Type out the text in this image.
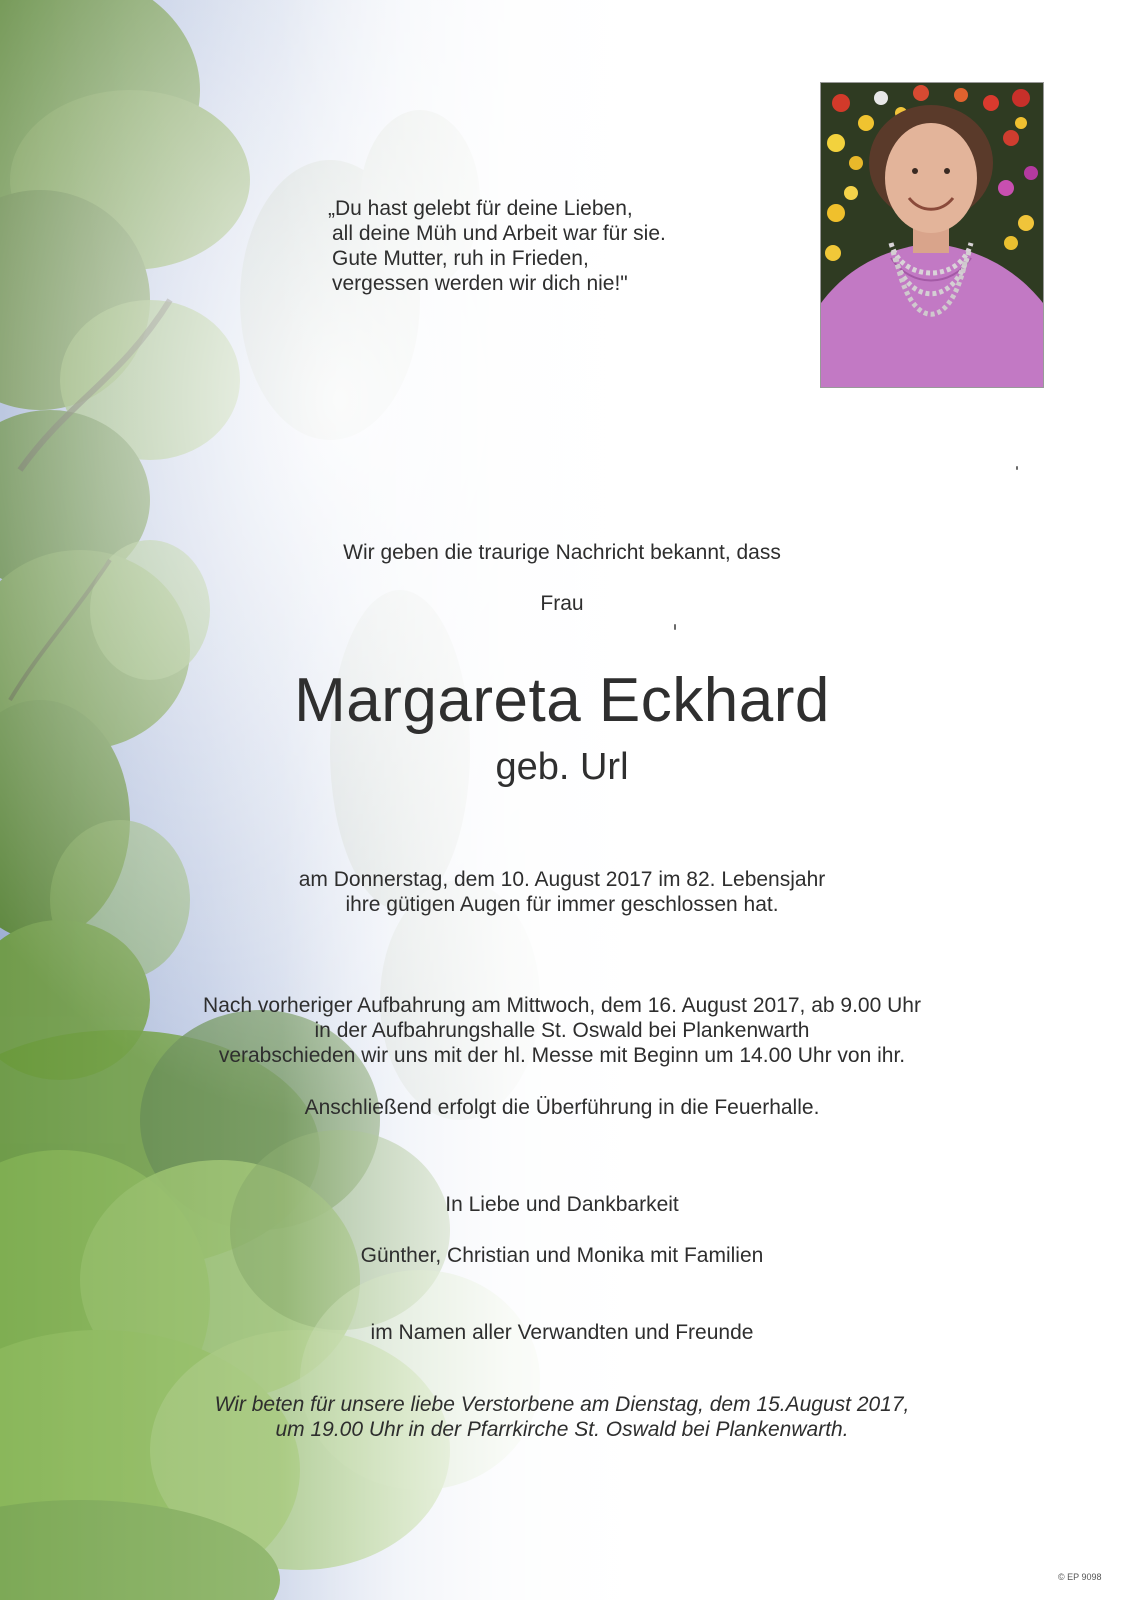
„Du hast gelebt für deine Lieben,
all deine Müh und Arbeit war für sie.
Gute Mutter, ruh in Frieden,
vergessen werden wir dich nie!"
Wir geben die traurige Nachricht bekannt, dass
Frau
Margareta Eckhard
geb. Url
am Donnerstag, dem 10. August 2017 im 82. Lebensjahr
ihre gütigen Augen für immer geschlossen hat.
Nach vorheriger Aufbahrung am Mittwoch, dem 16. August 2017, ab 9.00 Uhr
in der Aufbahrungshalle St. Oswald bei Plankenwarth
verabschieden wir uns mit der hl. Messe mit Beginn um 14.00 Uhr von ihr.
Anschließend erfolgt die Überführung in die Feuerhalle.
In Liebe und Dankbarkeit
Günther, Christian und Monika mit Familien
im Namen aller Verwandten und Freunde
Wir beten für unsere liebe Verstorbene am Dienstag, dem 15.August 2017,
um 19.00 Uhr in der Pfarrkirche St. Oswald bei Plankenwarth.
© EP 9098
